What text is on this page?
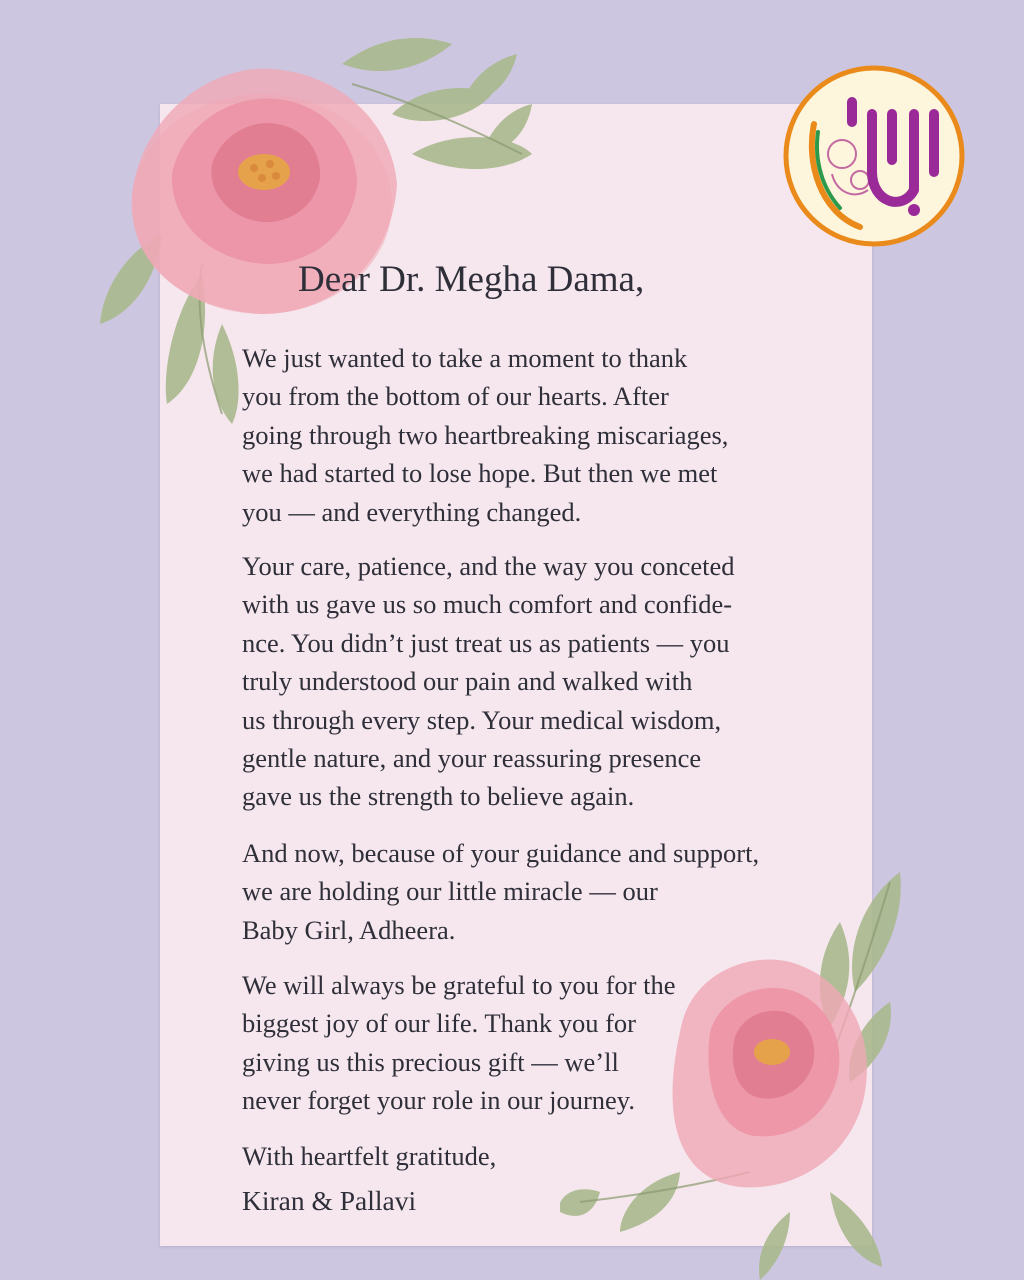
Dear Dr. Megha Dama,
We just wanted to take a moment to thank
you from the bottom of our hearts. After
going through two heartbreaking miscariages,
we had started to lose hope. But then we met
you — and everything changed.
Your care, patience, and the way you conceted
with us gave us so much comfort and confide-
nce. You didn’t just treat us as patients — you
truly understood our pain and walked with
us through every step. Your medical wisdom,
gentle nature, and your reassuring presence
gave us the strength to believe again.
And now, because of your guidance and support,
we are holding our little miracle — our
Baby Girl, Adheera.
We will always be grateful to you for the
biggest joy of our life. Thank you for
giving us this precious gift — we’ll
never forget your role in our journey.
With heartfelt gratitude,
Kiran & Pallavi
